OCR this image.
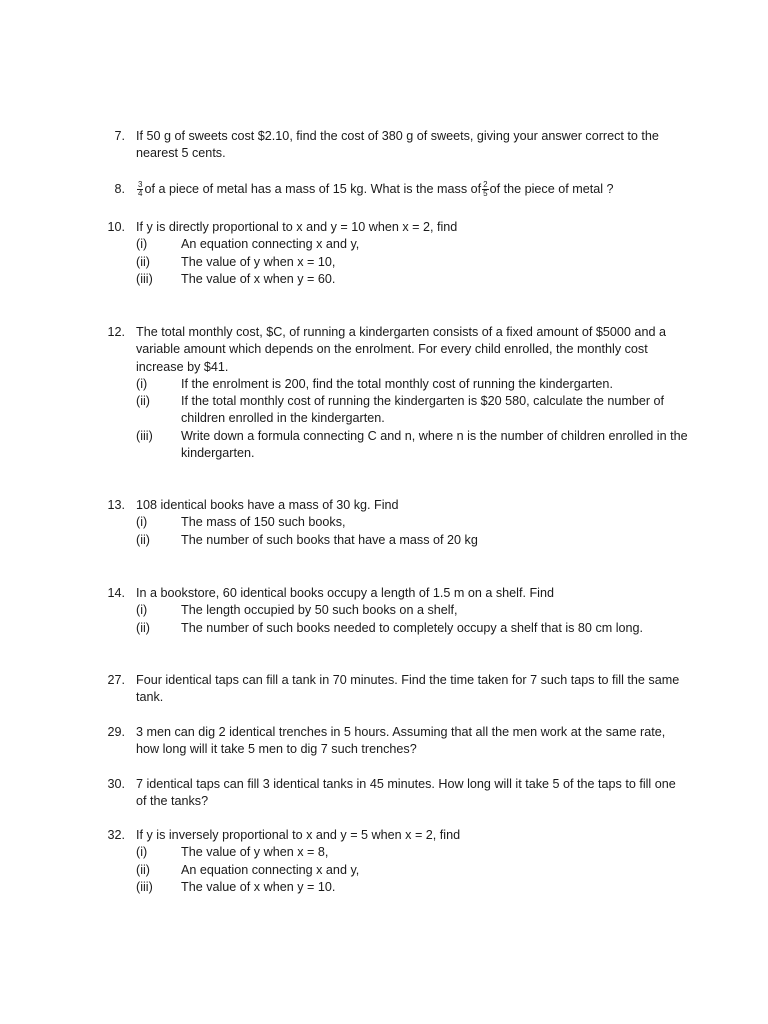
7. If 50 g of sweets cost $2.10, find the cost of 380 g of sweets, giving your answer correct to the nearest 5 cents.
8. $\frac{3}{4}$ of a piece of metal has a mass of 15 kg. What is the mass of $\frac{2}{5}$ of the piece of metal ?
10. If y is directly proportional to x and y = 10 when x = 2, find
(i)	An equation connecting x and y,
(ii) The value of y when x = 10,
(iii) The value of x when y = 60.
12. The total monthly cost, $C, of running a kindergarten consists of a fixed amount of $5000 and a variable amount which depends on the enrolment. For every child enrolled, the monthly cost increase by $41.
(i)	If the enrolment is 200, find the total monthly cost of running the kindergarten.
(ii) If the total monthly cost of running the kindergarten is $20 580, calculate the number of children enrolled in the kindergarten.
(iii) Write down a formula connecting C and n, where n is the number of children enrolled in the kindergarten.
13. 108 identical books have a mass of 30 kg. Find
(i)	The mass of 150 such books,
(ii) The number of such books that have a mass of 20 kg
14. In a bookstore, 60 identical books occupy a length of 1.5 m on a shelf. Find
(i)	The length occupied by 50 such books on a shelf,
(ii) The number of such books needed to completely occupy a shelf that is 80 cm long.
27. Four identical taps can fill a tank in 70 minutes. Find the time taken for 7 such taps to fill the same tank.
29. 3 men can dig 2 identical trenches in 5 hours. Assuming that all the men work at the same rate, how long will it take 5 men to dig 7 such trenches?
30. 7 identical taps can fill 3 identical tanks in 45 minutes. How long will it take 5 of the taps to fill one of the tanks?
32. If y is inversely proportional to x and y = 5 when x = 2, find
(i)	The value of y when x = 8,
(ii) An equation connecting x and y,
(iii) The value of x when y = 10.
